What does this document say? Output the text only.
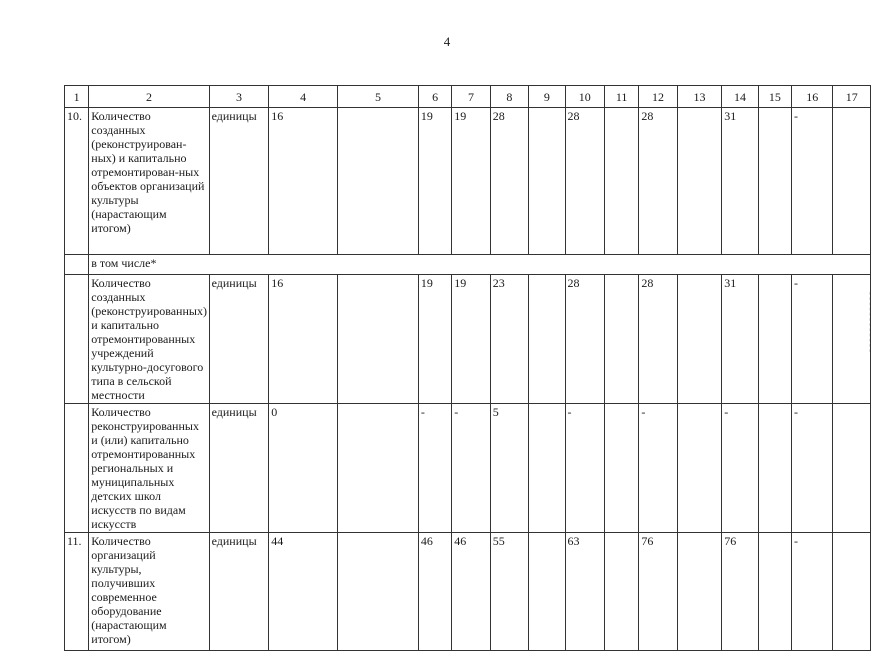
4
1	2	3	4	5	6	7	8	9	10	11	12	13	14	15	16	17
10.	Количество созданных (реконструирован-ных) и капитально отремонтирован-ных объектов организаций культуры (нарастающим итогом)	единицы	16		19	19	28		28		28		31		-	
	в том числе*															
	Количество созданных (реконструированных) и капитально отремонтированных учреждений культурно-досугового типа в сельской местности	единицы	16		19	19	23		28		28		31		-	
	Количество реконструированных и (или) капитально отремонтированных региональных и муниципальных детских школ искусств по видам искусств	единицы	0		-	-	5		-		-		-		-	
11.	Количество организаций культуры, получивших современное оборудование (нарастающим итогом)	единицы	44		46	46	55		63		76		76		-	
